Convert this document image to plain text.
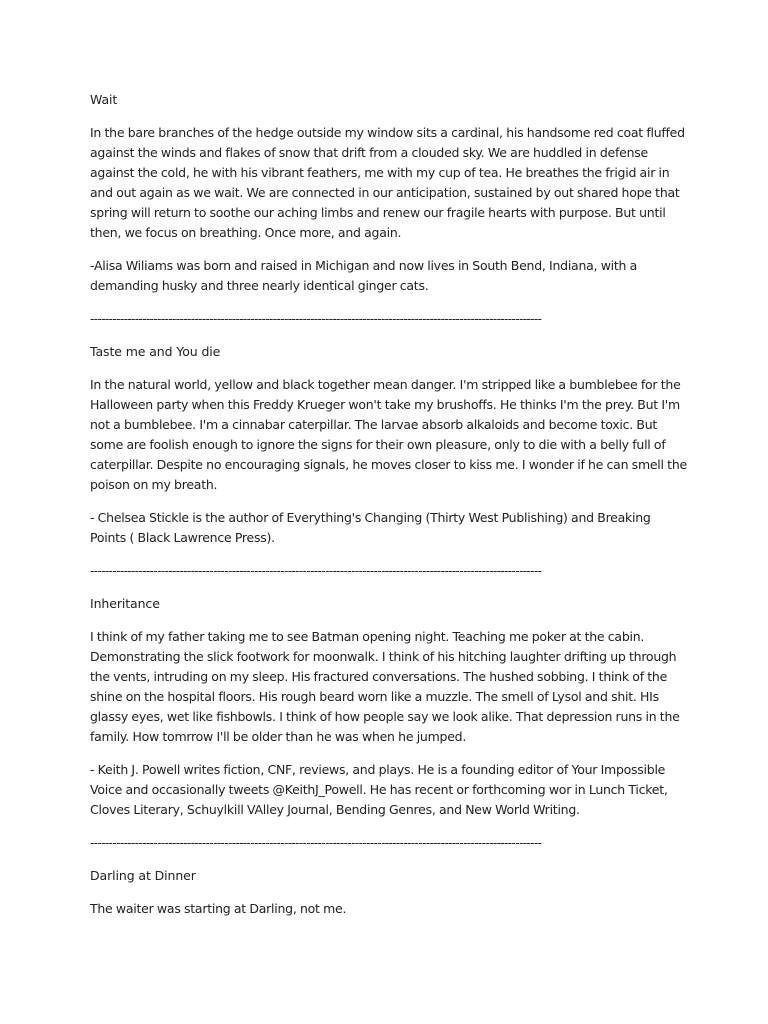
Wait

In the bare branches of the hedge outside my window sits a cardinal, his handsome red coat fluffed against the winds and flakes of snow that drift from a clouded sky. We are huddled in defense against the cold, he with his vibrant feathers, me with my cup of tea. He breathes the frigid air in and out again as we wait. We are connected in our anticipation, sustained by out shared hope that spring will return to soothe our aching limbs and renew our fragile hearts with purpose. But until then, we focus on breathing. Once more, and again.

-Alisa Wiliams was born and raised in Michigan and now lives in South Bend, Indiana, with a demanding husky and three nearly identical ginger cats.

-------------------------------------------------------------------------------------------------------------------------

Taste me and You die

In the natural world, yellow and black together mean danger. I'm stripped like a bumblebee for the Halloween party when this Freddy Krueger won't take my brushoffs. He thinks I'm the prey. But I'm not a bumblebee. I'm a cinnabar caterpillar. The larvae absorb alkaloids and become toxic. But some are foolish enough to ignore the signs for their own pleasure, only to die with a belly full of caterpillar. Despite no encouraging signals, he moves closer to kiss me. I wonder if he can smell the poison on my breath.

- Chelsea Stickle is the author of Everything's Changing (Thirty West Publishing) and Breaking Points ( Black Lawrence Press).

-------------------------------------------------------------------------------------------------------------------------

Inheritance

I think of my father taking me to see Batman opening night. Teaching me poker at the cabin. Demonstrating the slick footwork for moonwalk. I think of his hitching laughter drifting up through the vents, intruding on my sleep. His fractured conversations. The hushed sobbing. I think of the shine on the hospital floors. His rough beard worn like a muzzle. The smell of Lysol and shit. HIs glassy eyes, wet like fishbowls. I think of how people say we look alike. That depression runs in the family. How tomrrow I'll be older than he was when he jumped.

- Keith J. Powell writes fiction, CNF, reviews, and plays. He is a founding editor of Your Impossible Voice and occasionally tweets @KeithJ_Powell. He has recent or forthcoming wor in Lunch Ticket, Cloves Literary, Schuylkill VAlley Journal, Bending Genres, and New World Writing.

-------------------------------------------------------------------------------------------------------------------------

Darling at Dinner

The waiter was starting at Darling, not me.
